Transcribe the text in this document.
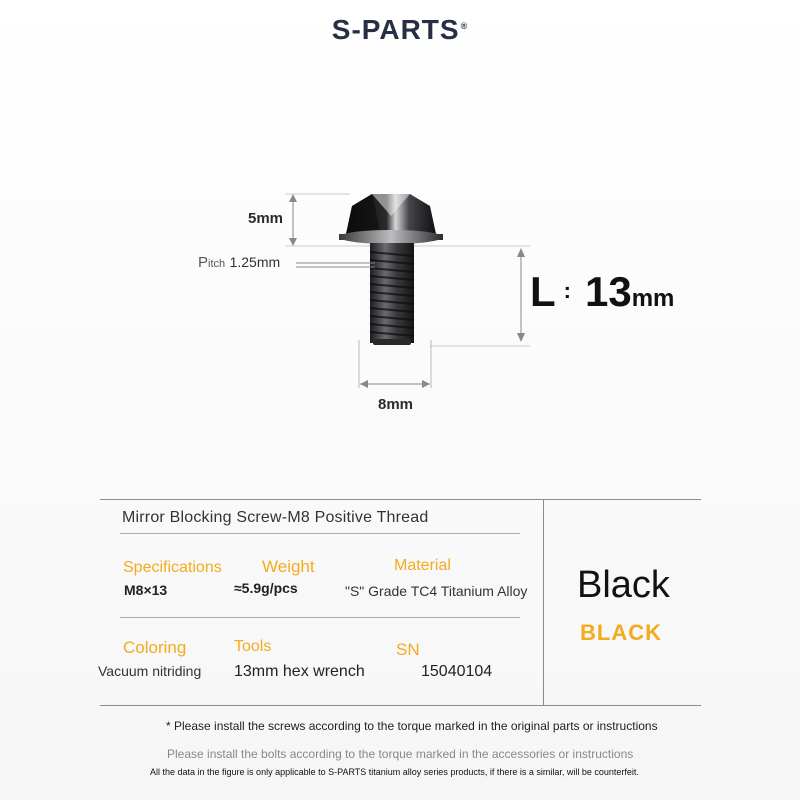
S-PARTS®
5mm
Pitch 1.25mm
8mm
L : 13mm
Mirror Blocking Screw-M8 Positive Thread
Specifications
M8×13
Weight
≈5.9g/pcs
Material
"S" Grade TC4 Titanium Alloy
Coloring
Vacuum nitriding
Tools
13mm hex wrench
SN
15040104
Black
BLACK
* Please install the screws according to the torque marked in the original parts or instructions
Please install the bolts according to the torque marked in the accessories or instructions
All the data in the figure is only applicable to S-PARTS titanium alloy series products, if there is a similar, will be counterfeit.
